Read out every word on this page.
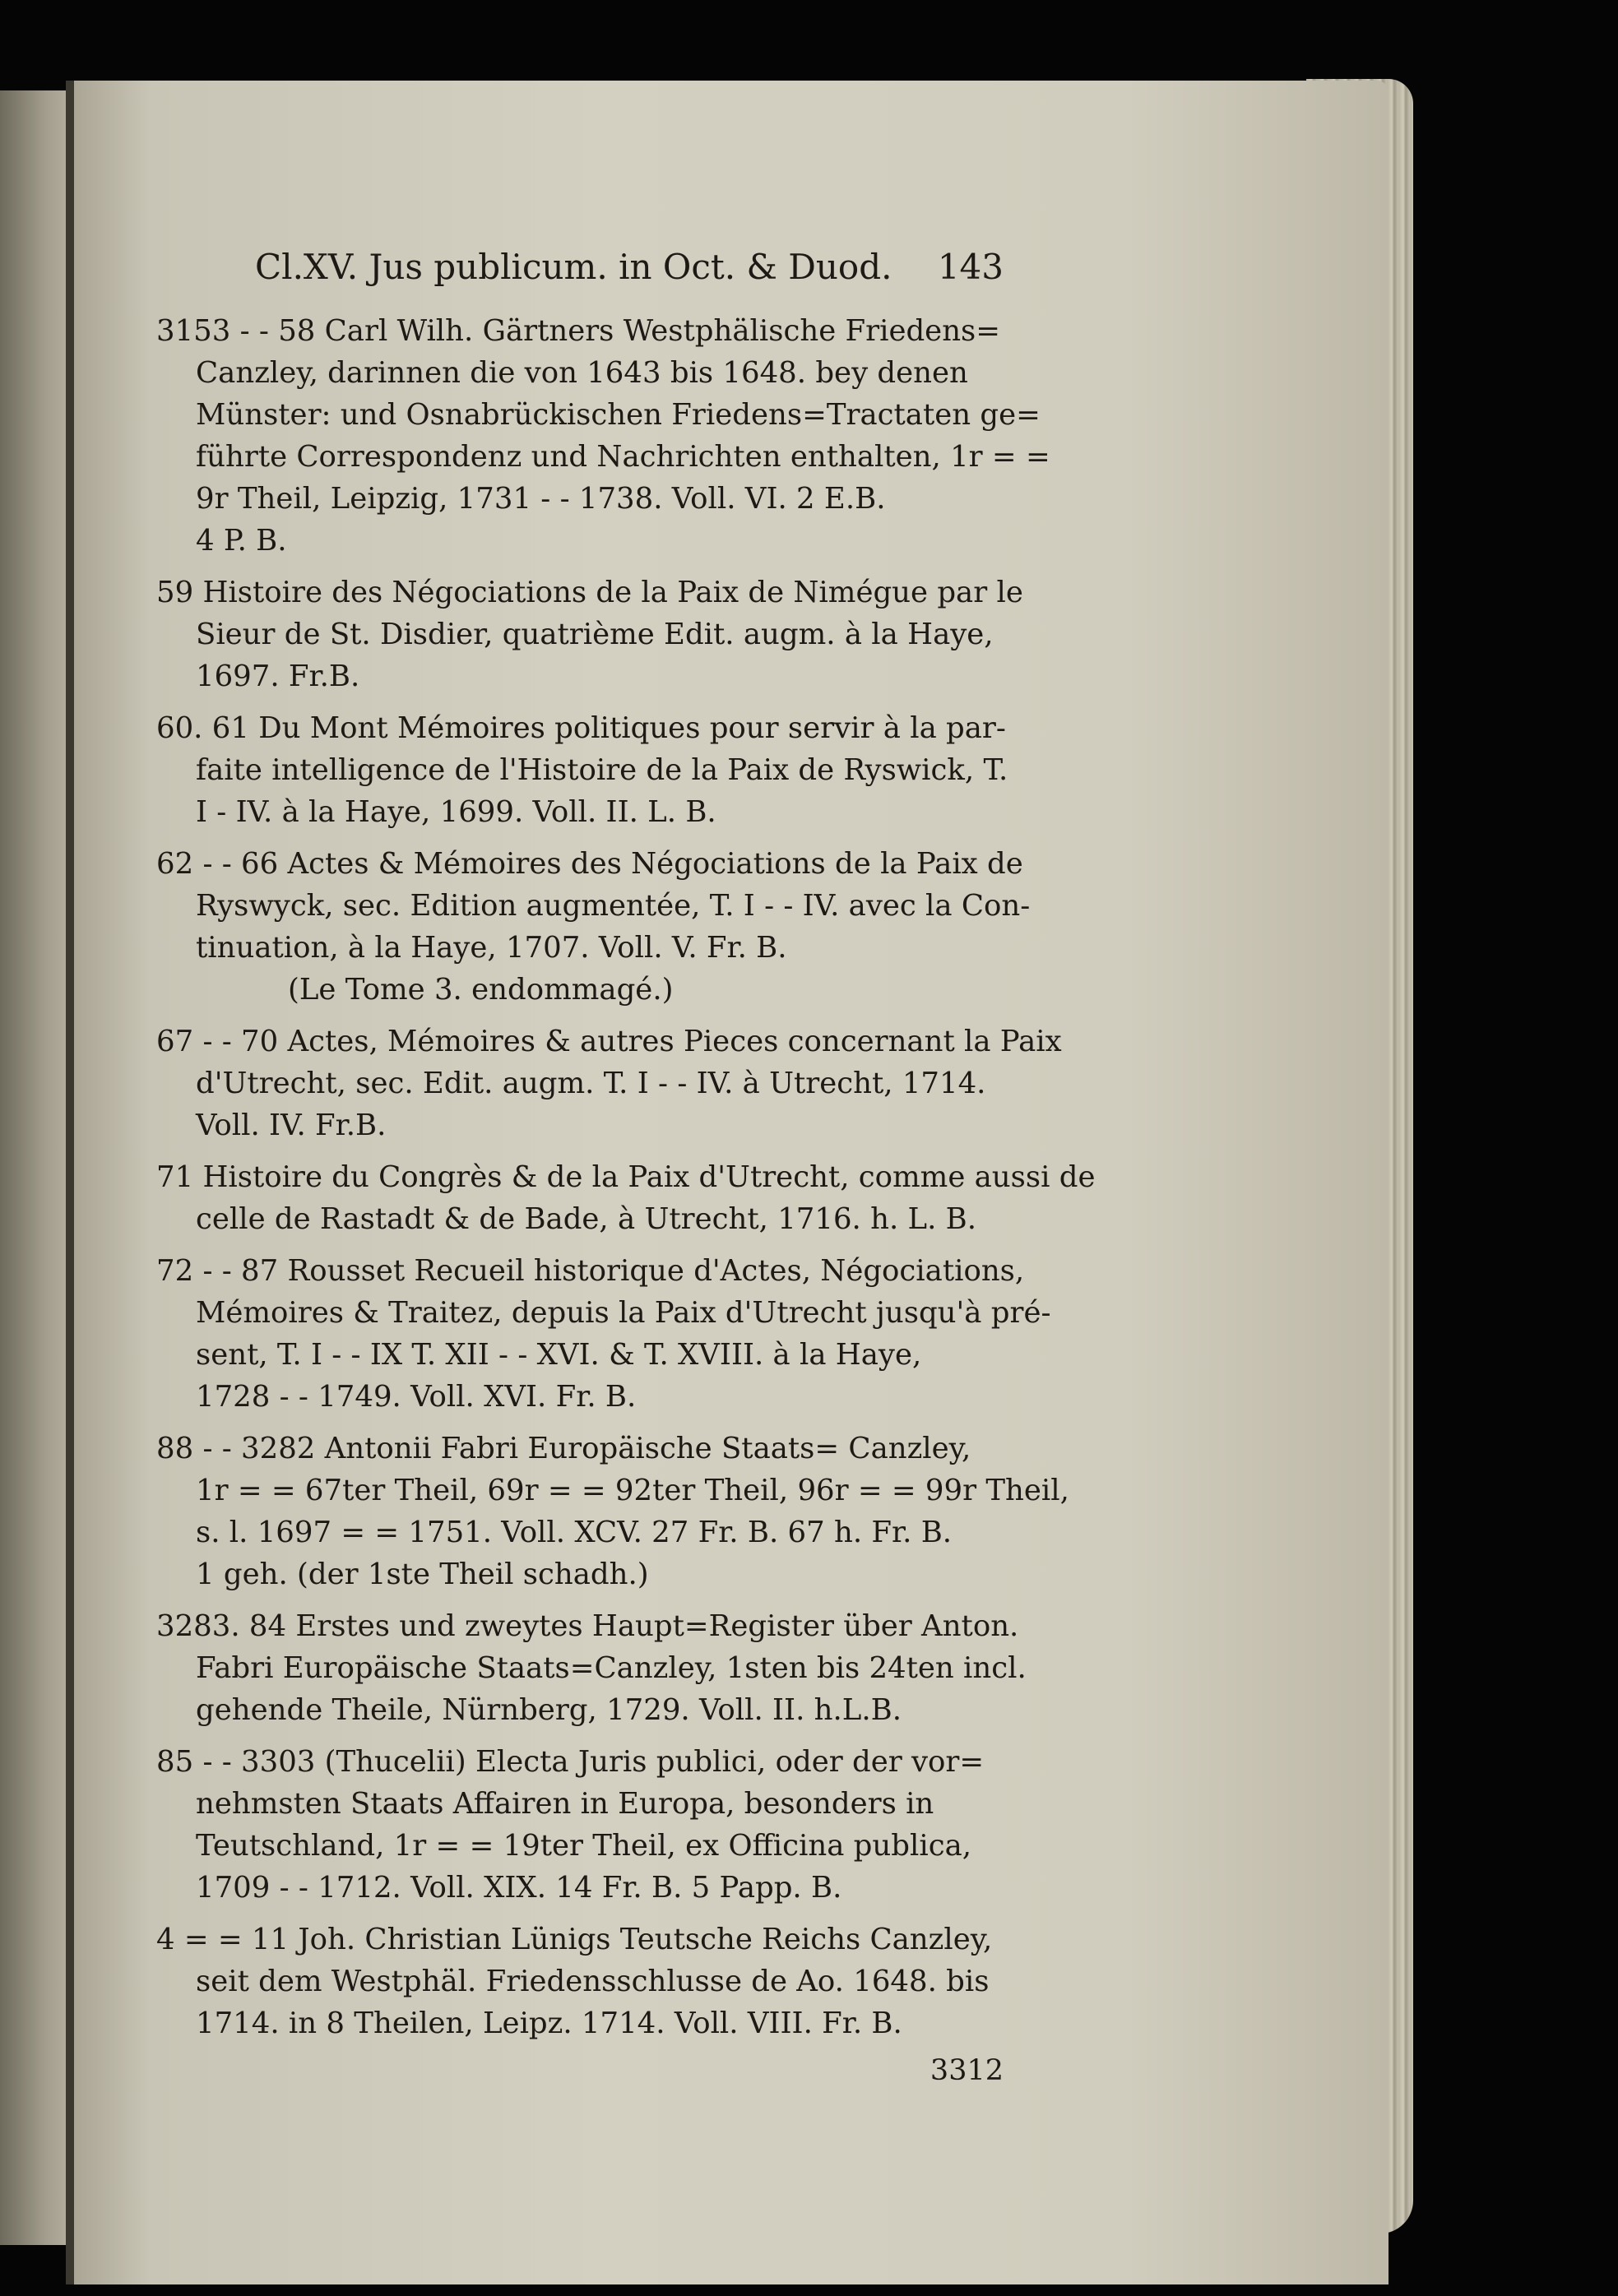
Cl.XV. Jus publicum. in Oct. & Duod. 143
3153 - - 58 Carl Wilh. Gärtners Westphälische Friedens=
Canzley, darinnen die von 1643 bis 1648. bey denen
Münster: und Osnabrückischen Friedens=Tractaten ge=
führte Correspondenz und Nachrichten enthalten, 1r = =
9r Theil, Leipzig, 1731 - - 1738. Voll. VI. 2 E.B.
4 P. B.
59 Histoire des Négociations de la Paix de Nimégue par le
Sieur de St. Disdier, quatrième Edit. augm. à la Haye,
1697. Fr.B.
60. 61 Du Mont Mémoires politiques pour servir à la par-
faite intelligence de l'Histoire de la Paix de Ryswick, T.
I - IV. à la Haye, 1699. Voll. II. L. B.
62 - - 66 Actes & Mémoires des Négociations de la Paix de
Ryswyck, sec. Edition augmentée, T. I - - IV. avec la Con-
tinuation, à la Haye, 1707. Voll. V. Fr. B.
(Le Tome 3. endommagé.)
67 - - 70 Actes, Mémoires & autres Pieces concernant la Paix
d'Utrecht, sec. Edit. augm. T. I - - IV. à Utrecht, 1714.
Voll. IV. Fr.B.
71 Histoire du Congrès & de la Paix d'Utrecht, comme aussi de
celle de Rastadt & de Bade, à Utrecht, 1716. h. L. B.
72 - - 87 Rousset Recueil historique d'Actes, Négociations,
Mémoires & Traitez, depuis la Paix d'Utrecht jusqu'à pré-
sent, T. I - - IX T. XII - - XVI. & T. XVIII. à la Haye,
1728 - - 1749. Voll. XVI. Fr. B.
88 - - 3282 Antonii Fabri Europäische Staats= Canzley,
1r = = 67ter Theil, 69r = = 92ter Theil, 96r = = 99r Theil,
s. l. 1697 = = 1751. Voll. XCV. 27 Fr. B. 67 h. Fr. B.
1 geh. (der 1ste Theil schadh.)
3283. 84 Erstes und zweytes Haupt=Register über Anton.
Fabri Europäische Staats=Canzley, 1sten bis 24ten incl.
gehende Theile, Nürnberg, 1729. Voll. II. h.L.B.
85 - - 3303 (Thucelii) Electa Juris publici, oder der vor=
nehmsten Staats Affairen in Europa, besonders in
Teutschland, 1r = = 19ter Theil, ex Officina publica,
1709 - - 1712. Voll. XIX. 14 Fr. B. 5 Papp. B.
4 = = 11 Joh. Christian Lünigs Teutsche Reichs Canzley,
seit dem Westphäl. Friedensschlusse de Ao. 1648. bis
1714. in 8 Theilen, Leipz. 1714. Voll. VIII. Fr. B.
3312
